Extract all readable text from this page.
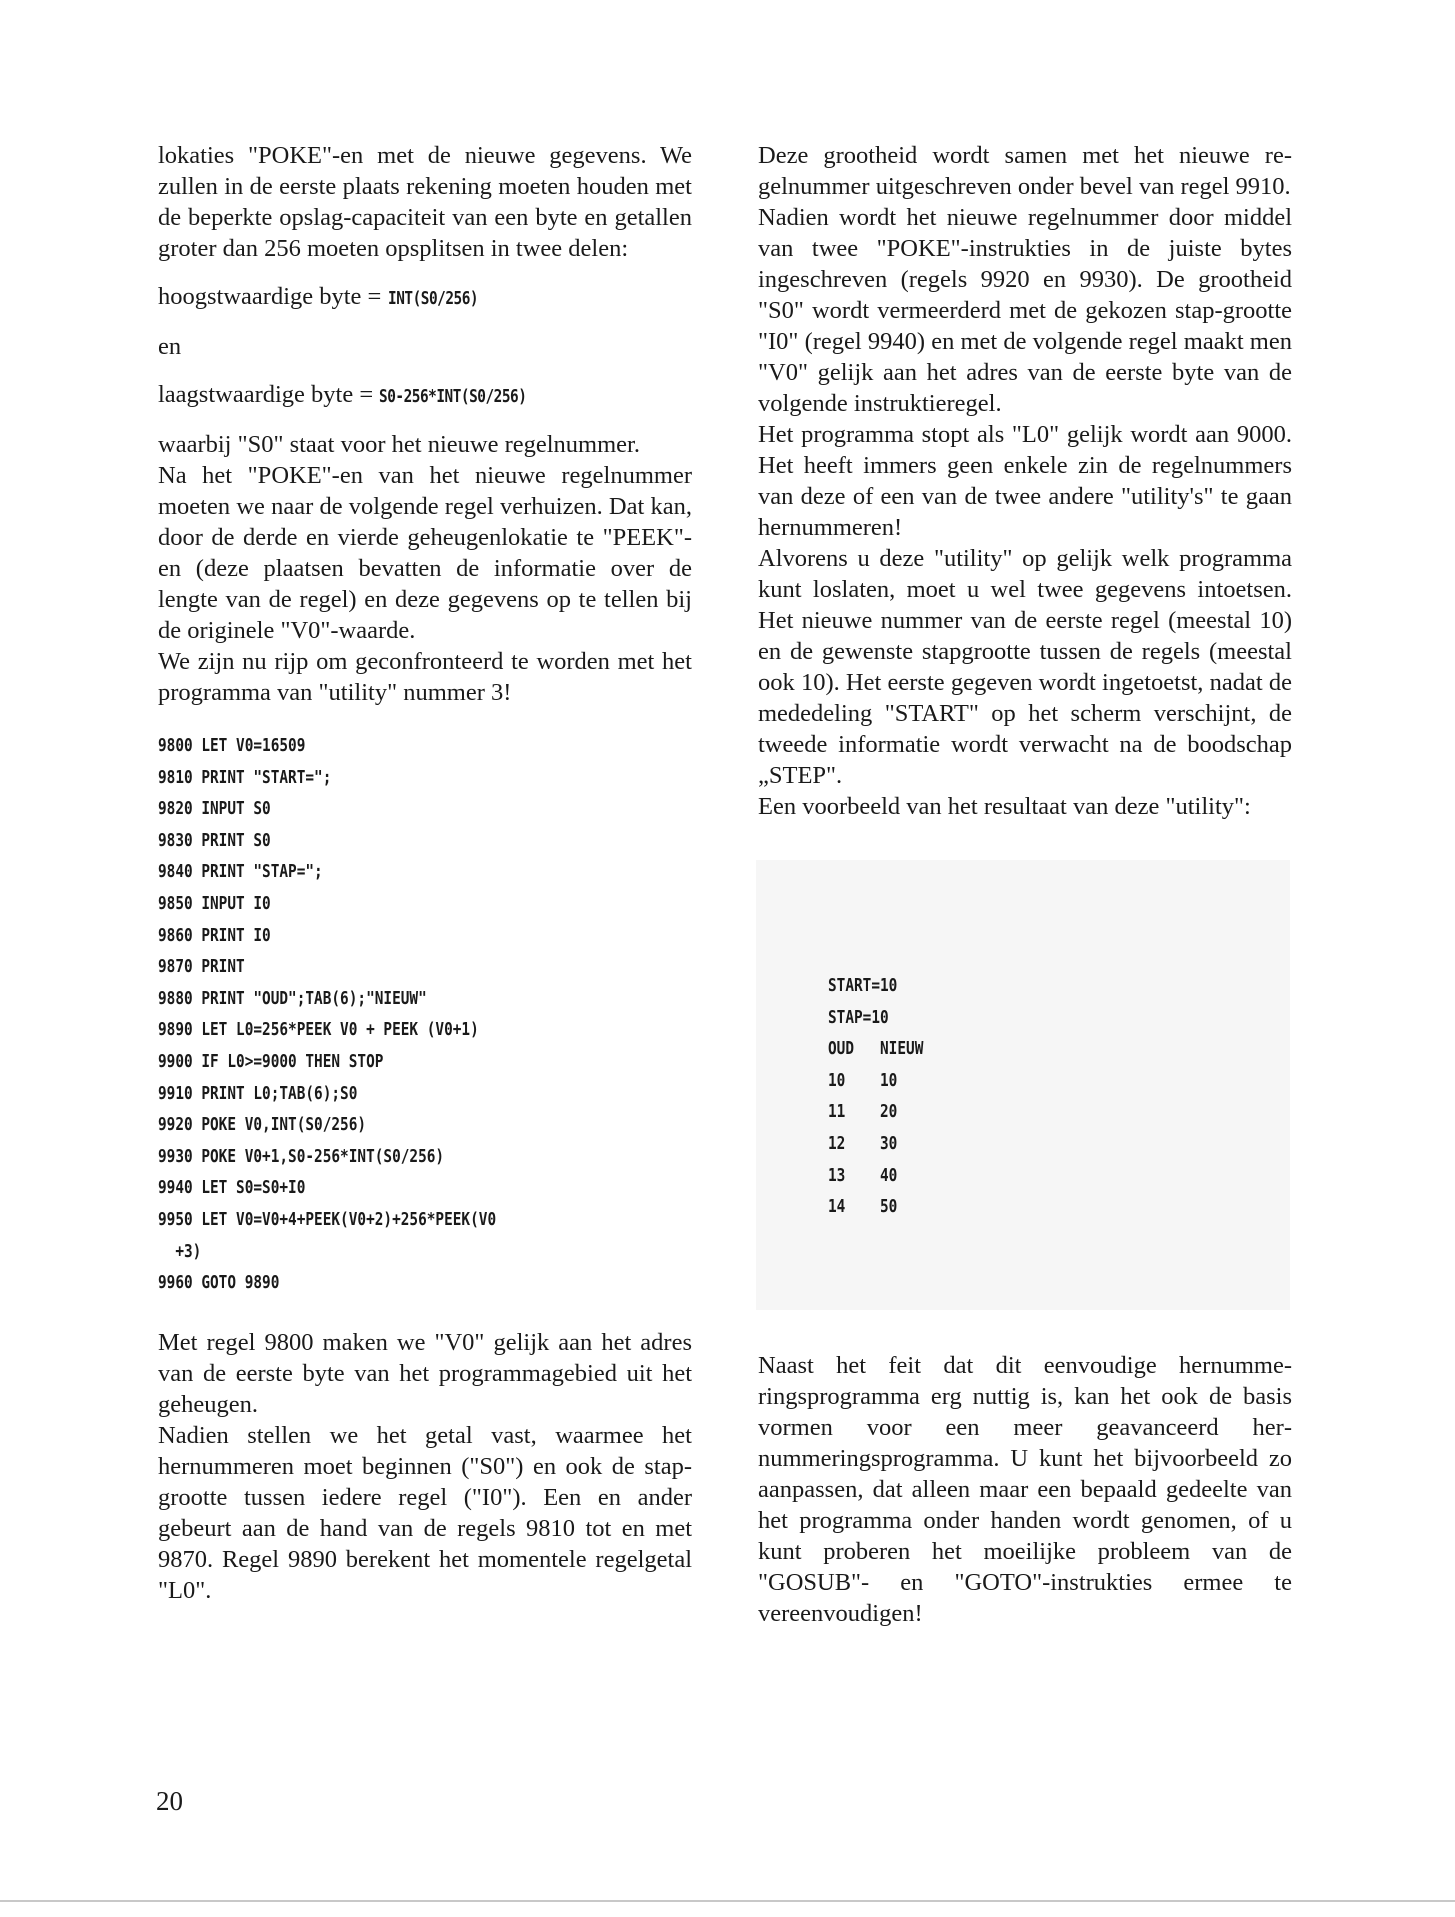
lokaties "POKE"-en met de nieuwe gegevens. We zullen in de eerste plaats rekening moeten houden met de beperkte opslag-capaciteit van een byte en getallen groter dan 256 moeten opsplitsen in twee delen:

hoogstwaardige byte = INT(S0/256)

en

laagstwaardige byte = S0-256*INT(S0/256)

waarbij "S0" staat voor het nieuwe regelnummer.

Na het "POKE"-en van het nieuwe regelnummer moeten we naar de volgende regel verhuizen. Dat kan, door de derde en vierde geheugenlokatie te "PEEK"-en (deze plaatsen bevatten de informatie over de lengte van de regel) en deze gegevens op te tellen bij de originele "V0"-waarde.

We zijn nu rijp om geconfronteerd te worden met het programma van "utility" nummer 3!

9800 LET V0=16509
9810 PRINT "START=";
9820 INPUT S0
9830 PRINT S0
9840 PRINT "STAP=";
9850 INPUT I0
9860 PRINT I0
9870 PRINT
9880 PRINT "OUD";TAB(6);"NIEUW"
9890 LET L0=256*PEEK V0 + PEEK (V0+1)
9900 IF L0>=9000 THEN STOP
9910 PRINT L0;TAB(6);S0
9920 POKE V0,INT(S0/256)
9930 POKE V0+1,S0-256*INT(S0/256)
9940 LET S0=S0+I0
9950 LET V0=V0+4+PEEK(V0+2)+256*PEEK(V0
+3)
9960 GOTO 9890

Met regel 9800 maken we "V0" gelijk aan het adres van de eerste byte van het programmagebied uit het geheugen.

Nadien stellen we het getal vast, waarmee het hernummeren moet beginnen ("S0") en ook de stap-grootte tussen iedere regel ("I0"). Een en ander gebeurt aan de hand van de regels 9810 tot en met 9870. Regel 9890 berekent het momentele regelgetal "L0".

Deze grootheid wordt samen met het nieuwe regelnummer uitgeschreven onder bevel van regel 9910.

Nadien wordt het nieuwe regelnummer door middel van twee "POKE"-instrukties in de juiste bytes ingeschreven (regels 9920 en 9930). De grootheid "S0" wordt vermeerderd met de gekozen stap-grootte "I0" (regel 9940) en met de volgende regel maakt men "V0" gelijk aan het adres van de eerste byte van de volgende instruktieregel.

Het programma stopt als "L0" gelijk wordt aan 9000. Het heeft immers geen enkele zin de regelnummers van deze of een van de twee andere "utility's" te gaan hernummeren!

Alvorens u deze "utility" op gelijk welk programma kunt loslaten, moet u wel twee gegevens intoetsen. Het nieuwe nummer van de eerste regel (meestal 10) en de gewenste stapgrootte tussen de regels (meestal ook 10). Het eerste gegeven wordt ingetoetst, nadat de mededeling "START" op het scherm verschijnt, de tweede informatie wordt verwacht na de boodschap „STEP".

Een voorbeeld van het resultaat van deze "utility":

START=10
STAP=10
OUD   NIEUW
10    10
11    20
12    30
13    40
14    50

Naast het feit dat dit eenvoudige hernummeringsprogramma erg nuttig is, kan het ook de basis vormen voor een meer geavanceerd hernummeringsprogramma. U kunt het bijvoorbeeld zo aanpassen, dat alleen maar een bepaald gedeelte van het programma onder handen wordt genomen, of u kunt proberen het moeilijke probleem van de "GOSUB"- en "GOTO"-instrukties ermee te vereenvoudigen!

20
